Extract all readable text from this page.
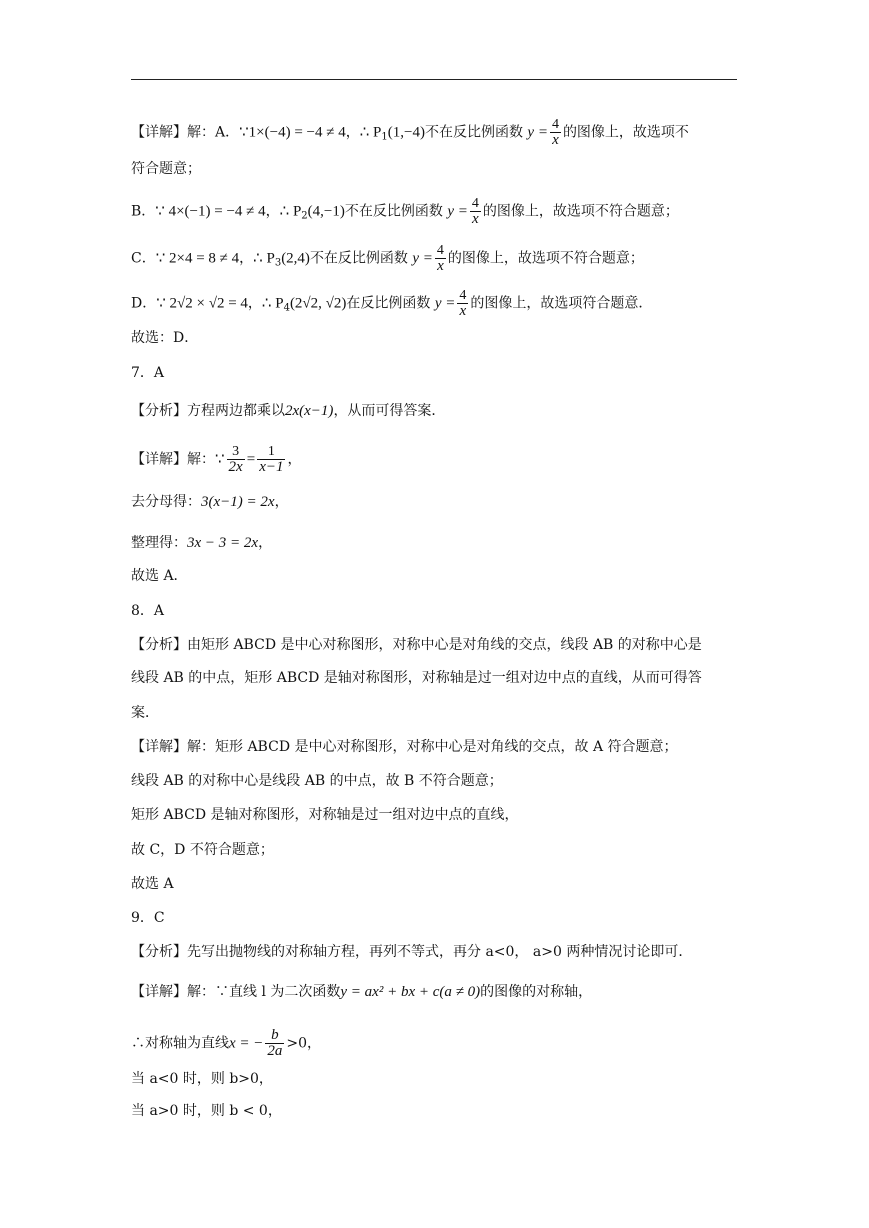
【详解】解：A．∵1×(−4) = −4 ≠ 4，∴ $P_1(1,-4)$不在反比例函数 $y = \frac{4}{x}$ 的图像上，故选项不
符合题意；
B．∵ 4×(−1) = −4 ≠ 4，∴ $P_2(4,-1)$不在反比例函数 $y = \frac{4}{x}$ 的图像上，故选项不符合题意；
C．∵ 2×4 = 8 ≠ 4，∴ $P_3(2,4)$不在反比例函数 $y = \frac{4}{x}$ 的图像上，故选项不符合题意；
D．∵ 2√2 × √2 = 4，∴ $P_4(2√2$, √2)在反比例函数 $y = \frac{4}{x}$ 的图像上，故选项符合题意．
故选：D．
7．A
【分析】方程两边都乘以2x(x−1)，从而可得答案．
【详解】解：∵ $\frac{3}{2x} = \frac{1}{x-1}$ ，
去分母得：3(x−1) = 2x，
整理得：3x − 3 = 2x，
故选 A．
8．A
【分析】由矩形 ABCD 是中心对称图形，对称中心是对角线的交点，线段 AB 的对称中心是
线段 AB 的中点，矩形 ABCD 是轴对称图形，对称轴是过一组对边中点的直线，从而可得答
案．
【详解】解：矩形 ABCD 是中心对称图形，对称中心是对角线的交点，故 A 符合题意；
线段 AB 的对称中心是线段 AB 的中点，故 B 不符合题意；
矩形 ABCD 是轴对称图形，对称轴是过一组对边中点的直线，
故 C，D 不符合题意；
故选 A
9．C
【分析】先写出抛物线的对称轴方程，再列不等式，再分 a<0， a>0 两种情况讨论即可．
【详解】解：∵直线 l 为二次函数y = ax² + bx + c(a ≠ 0)的图像的对称轴，
∴对称轴为直线x = − $\frac{b}{2a} >0$，
当 a<0 时，则 b>0，
当 a>0 时，则 b < 0，
